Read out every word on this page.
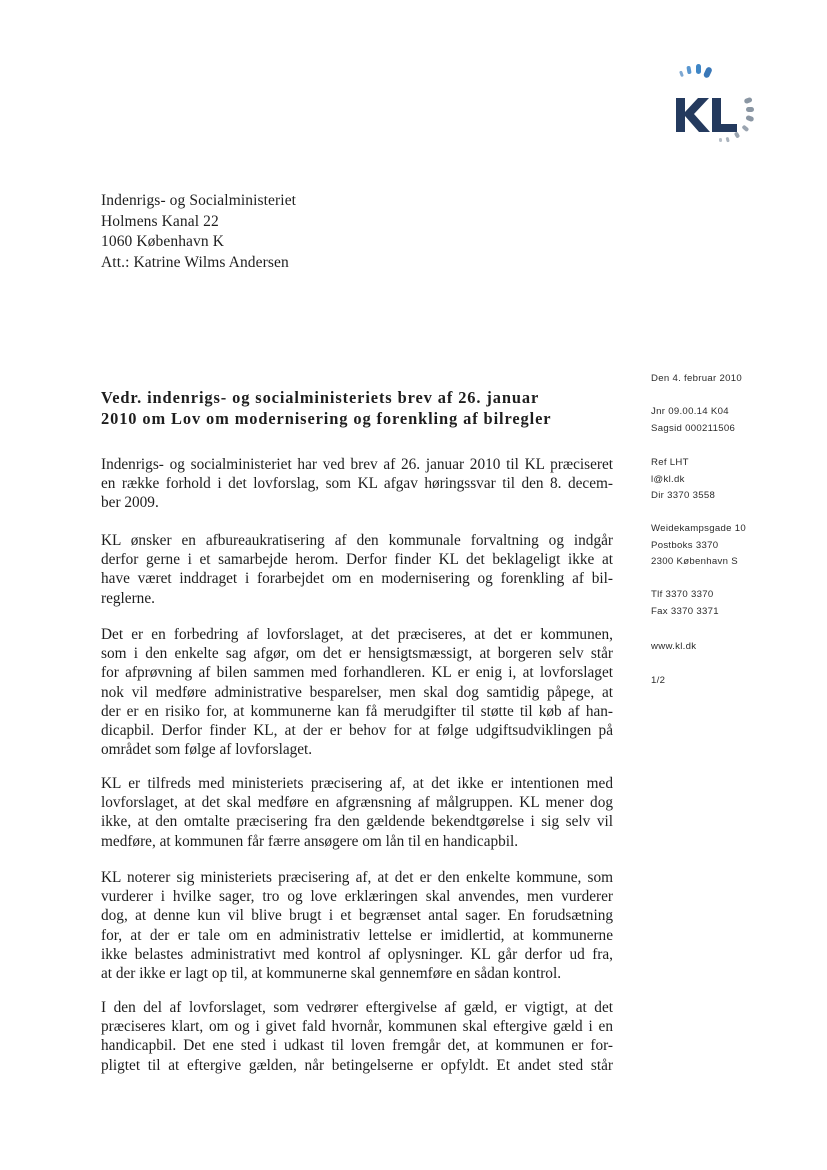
Indenrigs- og Socialministeriet
Holmens Kanal 22
1060 København K
Att.: Katrine Wilms Andersen
Vedr. indenrigs- og socialministeriets brev af 26. januar
2010 om Lov om modernisering og forenkling af bilregler
Den 4. februar 2010
Jnr 09.00.14 K04
Sagsid 000211506
Ref LHT
l@kl.dk
Dir 3370 3558
Weidekampsgade 10
Postboks 3370
2300 København S
Tlf 3370 3370
Fax 3370 3371
www.kl.dk
1/2
Indenrigs- og socialministeriet har ved brev af 26. januar 2010 til KL præciseret
en række forhold i det lovforslag, som KL afgav høringssvar til den 8. decem-
ber 2009.
KL ønsker en afbureaukratisering af den kommunale forvaltning og indgår
derfor gerne i et samarbejde herom. Derfor finder KL det beklageligt ikke at
have været inddraget i forarbejdet om en modernisering og forenkling af bil-
reglerne.
Det er en forbedring af lovforslaget, at det præciseres, at det er kommunen,
som i den enkelte sag afgør, om det er hensigtsmæssigt, at borgeren selv står
for afprøvning af bilen sammen med forhandleren. KL er enig i, at lovforslaget
nok vil medføre administrative besparelser, men skal dog samtidig påpege, at
der er en risiko for, at kommunerne kan få merudgifter til støtte til køb af han-
dicapbil. Derfor finder KL, at der er behov for at følge udgiftsudviklingen på
området som følge af lovforslaget.
KL er tilfreds med ministeriets præcisering af, at det ikke er intentionen med
lovforslaget, at det skal medføre en afgrænsning af målgruppen. KL mener dog
ikke, at den omtalte præcisering fra den gældende bekendtgørelse i sig selv vil
medføre, at kommunen får færre ansøgere om lån til en handicapbil.
KL noterer sig ministeriets præcisering af, at det er den enkelte kommune, som
vurderer i hvilke sager, tro og love erklæringen skal anvendes, men vurderer
dog, at denne kun vil blive brugt i et begrænset antal sager. En forudsætning
for, at der er tale om en administrativ lettelse er imidlertid, at kommunerne
ikke belastes administrativt med kontrol af oplysninger. KL går derfor ud fra,
at der ikke er lagt op til, at kommunerne skal gennemføre en sådan kontrol.
I den del af lovforslaget, som vedrører eftergivelse af gæld, er vigtigt, at det
præciseres klart, om og i givet fald hvornår, kommunen skal eftergive gæld i en
handicapbil. Det ene sted i udkast til loven fremgår det, at kommunen er for-
pligtet til at eftergive gælden, når betingelserne er opfyldt. Et andet sted står
